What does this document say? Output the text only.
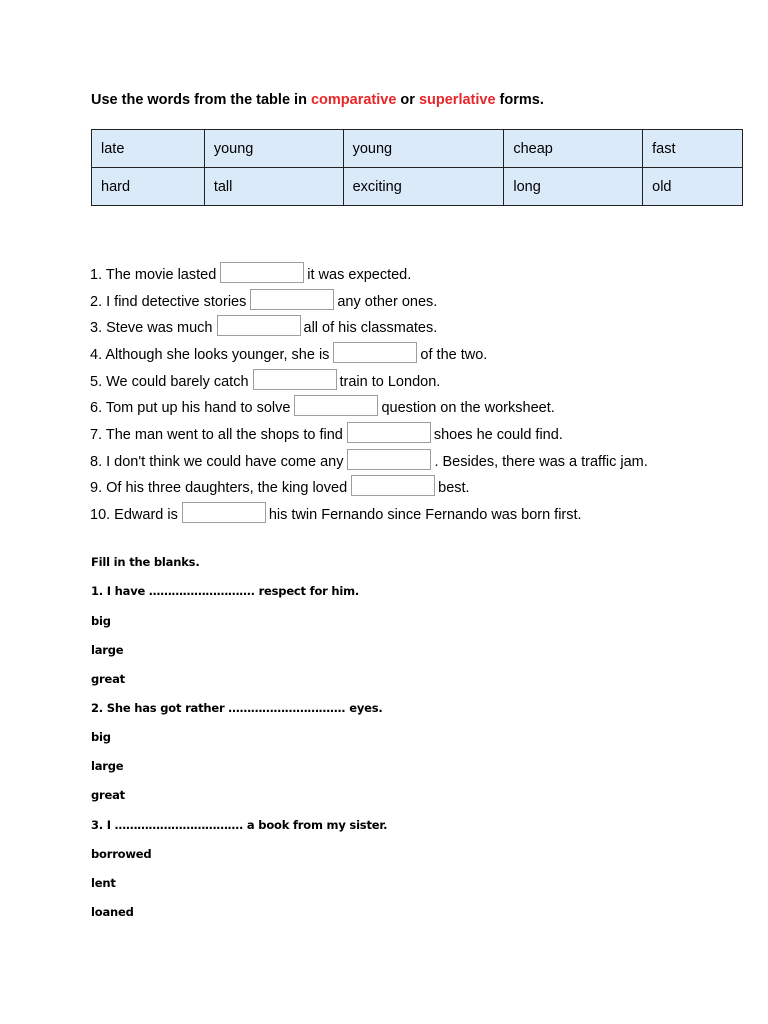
Use the words from the table in comparative or superlative forms.
late	young	young	cheap	fast
hard	tall	exciting	long	old
1. The movie lasted	it was expected.
2. I find detective stories	any other ones.
3. Steve was much	all of his classmates.
4. Although she looks younger, she is	of the two.
5. We could barely catch	train to London.
6. Tom put up his hand to solve	question on the worksheet.
7. The man went to all the shops to find	shoes he could find.
8. I don't think we could have come any	. Besides, there was a traffic jam.
9. Of his three daughters, the king loved	best.
10. Edward is	his twin Fernando since Fernando was born first.
Fill in the blanks.
1. I have ………………………. respect for him.
big
large
great
2. She has got rather …………………………. eyes.
big
large
great
3. I ……………………………. a book from my sister.
borrowed
lent
loaned
